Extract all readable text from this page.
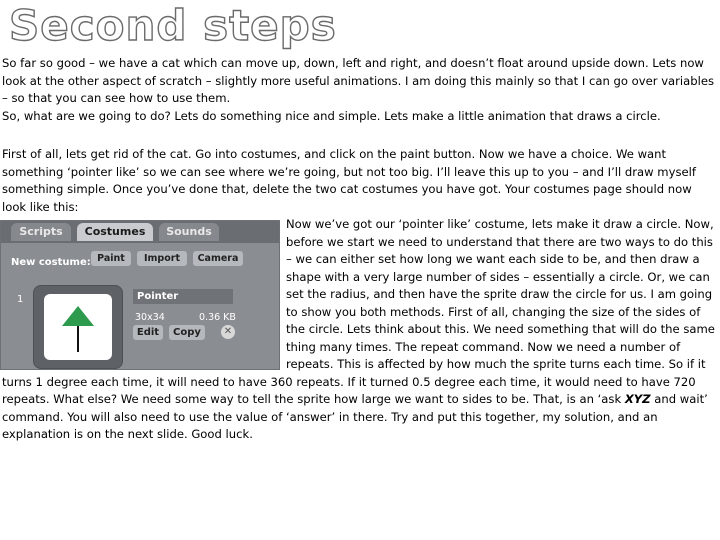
Second steps
So far so good – we have a cat which can move up, down, left and right, and doesn’t float around upside down. Lets now look at the other aspect of scratch – slightly more useful animations. I am doing this mainly so that I can go over variables – so that you can see how to use them.
So, what are we going to do? Lets do something nice and simple. Lets make a little animation that draws a circle.
First of all, lets get rid of the cat. Go into costumes, and click on the paint button. Now we have a choice. We want something ‘pointer like’ so we can see where we’re going, but not too big. I’ll leave this up to you – and I’ll draw myself something simple. Once you’ve done that, delete the two cat costumes you have got. Your costumes page should now look like this:
Scripts	Costumes	Sounds
New costume: Paint	Import	Camera
1	Pointer
30x34	0.36 KB
Edit	Copy	✕
Now we’ve got our ‘pointer like’ costume, lets make it draw a circle. Now, before we start we need to understand that there are two ways to do this – we can either set how long we want each side to be, and then draw a shape with a very large number of sides – essentially a circle. Or, we can set the radius, and then have the sprite draw the circle for us. I am going to show you both methods. First of all, changing the size of the sides of the circle. Lets think about this. We need something that will do the same thing many times. The repeat command. Now we need a number of repeats. This is affected by how much the sprite turns each time. So if it turns 1 degree each time, it will need to have 360 repeats. If it turned 0.5 degree each time, it would need to have 720 repeats. What else? We need some way to tell the sprite how large we want to sides to be. That, is an ‘ask XYZ and wait’ command. You will also need to use the value of ‘answer’ in there. Try and put this together, my solution, and an explanation is on the next slide. Good luck.
